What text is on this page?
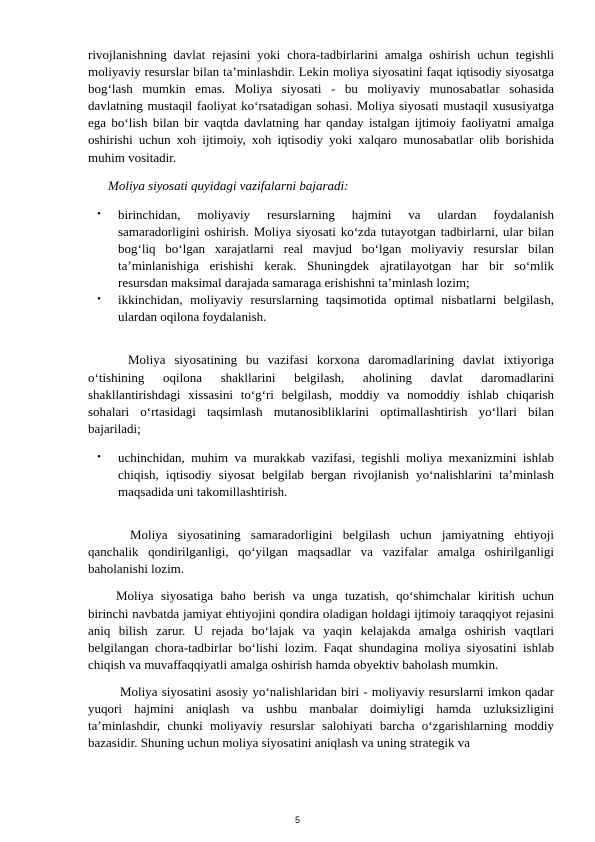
rivojlanishning davlat rejasini yoki chora-tadbirlarini amalga oshirish uchun tegishli moliyaviy resurslar bilan ta’minlashdir. Lekin moliya siyosatini faqat iqtisodiy siyosatga bog‘lash mumkin emas. Moliya siyosati - bu moliyaviy munosabatlar sohasida davlatning mustaqil faoliyat ko‘rsatadigan sohasi. Moliya siyosati mustaqil xususiyatga ega bo‘lish bilan bir vaqtda davlatning har qanday istalgan ijtimoiy faoliyatni amalga oshirishi uchun xoh ijtimoiy, xoh iqtisodiy yoki xalqaro munosabatlar olib borishida muhim vositadir.

Moliya siyosati quyidagi vazifalarni bajaradi:

• birinchidan, moliyaviy resurslarning hajmini va ulardan foydalanish samaradorligini oshirish. Moliya siyosati ko‘zda tutayotgan tadbirlarni, ular bilan bog‘liq bo‘lgan xarajatlarni real mavjud bo‘lgan moliyaviy resurslar bilan ta’minlanishiga erishishi kerak. Shuningdek ajratilayotgan har bir so‘mlik resursdan maksimal darajada samaraga erishishni ta’minlash lozim;
• ikkinchidan, moliyaviy resurslarning taqsimotida optimal nisbatlarni belgilash, ulardan oqilona foydalanish.

Moliya siyosatining bu vazifasi korxona daromadlarining davlat ixtiyoriga o‘tishining oqilona shakllarini belgilash, aholining davlat daromadlarini shakllantirishdagi xissasini to‘g‘ri belgilash, moddiy va nomoddiy ishlab chiqarish sohalari o‘rtasidagi taqsimlash mutanosibliklarini optimallashtirish yo‘llari bilan bajariladi;

• uchinchidan, muhim va murakkab vazifasi, tegishli moliya mexanizmini ishlab chiqish, iqtisodiy siyosat belgilab bergan rivojlanish yo‘nalishlarini ta’minlash maqsadida uni takomillashtirish.

Moliya siyosatining samaradorligini belgilash uchun jamiyatning ehtiyoji qanchalik qondirilganligi, qo‘yilgan maqsadlar va vazifalar amalga oshirilganligi baholanishi lozim.

Moliya siyosatiga baho berish va unga tuzatish, qo‘shimchalar kiritish uchun birinchi navbatda jamiyat ehtiyojini qondira oladigan holdagi ijtimoiy taraqqiyot rejasini aniq bilish zarur. U rejada bo‘lajak va yaqin kelajakda amalga oshirish vaqtlari belgilangan chora-tadbirlar bo‘lishi lozim. Faqat shundagina moliya siyosatini ishlab chiqish va muvaffaqqiyatli amalga oshirish hamda obyektiv baholash mumkin.

Moliya siyosatini asosiy yo‘nalishlaridan biri - moliyaviy resurslarni imkon qadar yuqori hajmini aniqlash va ushbu manbalar doimiyligi hamda uzluksizligini ta’minlashdir, chunki moliyaviy resurslar salohiyati barcha o‘zgarishlarning moddiy bazasidir. Shuning uchun moliya siyosatini aniqlash va uning strategik va

5
